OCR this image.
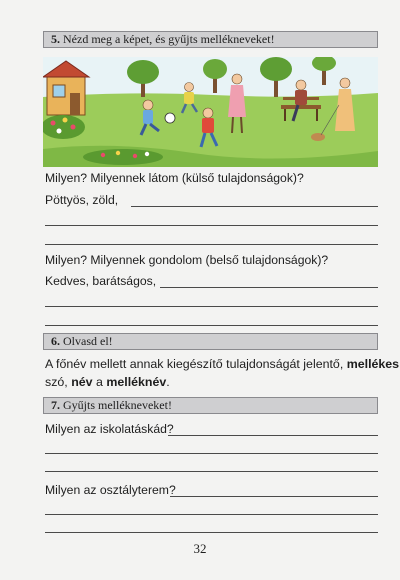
5. Nézd meg a képet, és gyűjts mellékneveket!
Milyen? Milyennek látom (külső tulajdonságok)?
Pöttyös, zöld,
Milyen? Milyennek gondolom (belső tulajdonságok)?
Kedves, barátságos,
6. Olvasd el!
A főnév mellett annak kiegészítő tulajdonságát jelentő, mellékes
szó, név a melléknév.
7. Gyűjts mellékneveket!
Milyen az iskolatáskád?
Milyen az osztályterem?
32
